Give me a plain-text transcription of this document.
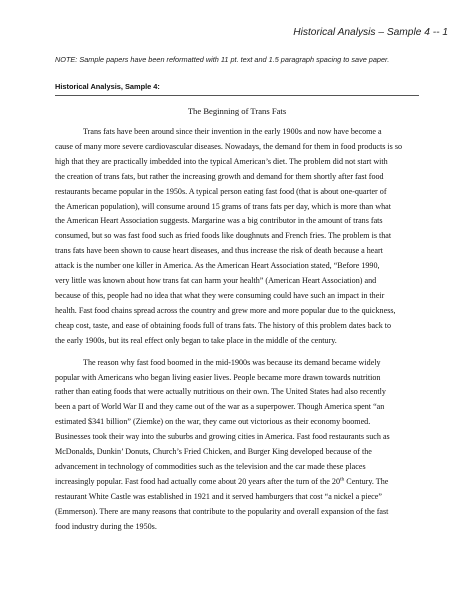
Historical Analysis – Sample 4 -- 1
NOTE: Sample papers have been reformatted with 11 pt. text and 1.5 paragraph spacing to save paper.
Historical Analysis, Sample 4:
The Beginning of Trans Fats

Trans fats have been around since their invention in the early 1900s and now have become a
cause of many more severe cardiovascular diseases. Nowadays, the demand for them in food products is so
high that they are practically imbedded into the typical American’s diet. The problem did not start with
the creation of trans fats, but rather the increasing growth and demand for them shortly after fast food
restaurants became popular in the 1950s. A typical person eating fast food (that is about one-quarter of
the American population), will consume around 15 grams of trans fats per day, which is more than what
the American Heart Association suggests. Margarine was a big contributor in the amount of trans fats
consumed, but so was fast food such as fried foods like doughnuts and French fries. The problem is that
trans fats have been shown to cause heart diseases, and thus increase the risk of death because a heart
attack is the number one killer in America. As the American Heart Association stated, “Before 1990,
very little was known about how trans fat can harm your health” (American Heart Association) and
because of this, people had no idea that what they were consuming could have such an impact in their
health. Fast food chains spread across the country and grew more and more popular due to the quickness,
cheap cost, taste, and ease of obtaining foods full of trans fats. The history of this problem dates back to
the early 1900s, but its real effect only began to take place in the middle of the century.

The reason why fast food boomed in the mid-1900s was because its demand became widely
popular with Americans who began living easier lives. People became more drawn towards nutrition
rather than eating foods that were actually nutritious on their own. The United States had also recently
been a part of World War II and they came out of the war as a superpower. Though America spent “an
estimated $341 billion” (Ziemke) on the war, they came out victorious as their economy boomed.
Businesses took their way into the suburbs and growing cities in America. Fast food restaurants such as
McDonalds, Dunkin’ Donuts, Church’s Fried Chicken, and Burger King developed because of the
advancement in technology of commodities such as the television and the car made these places
increasingly popular. Fast food had actually come about 20 years after the turn of the 20th Century. The
restaurant White Castle was established in 1921 and it served hamburgers that cost “a nickel a piece”
(Emmerson). There are many reasons that contribute to the popularity and overall expansion of the fast
food industry during the 1950s.
